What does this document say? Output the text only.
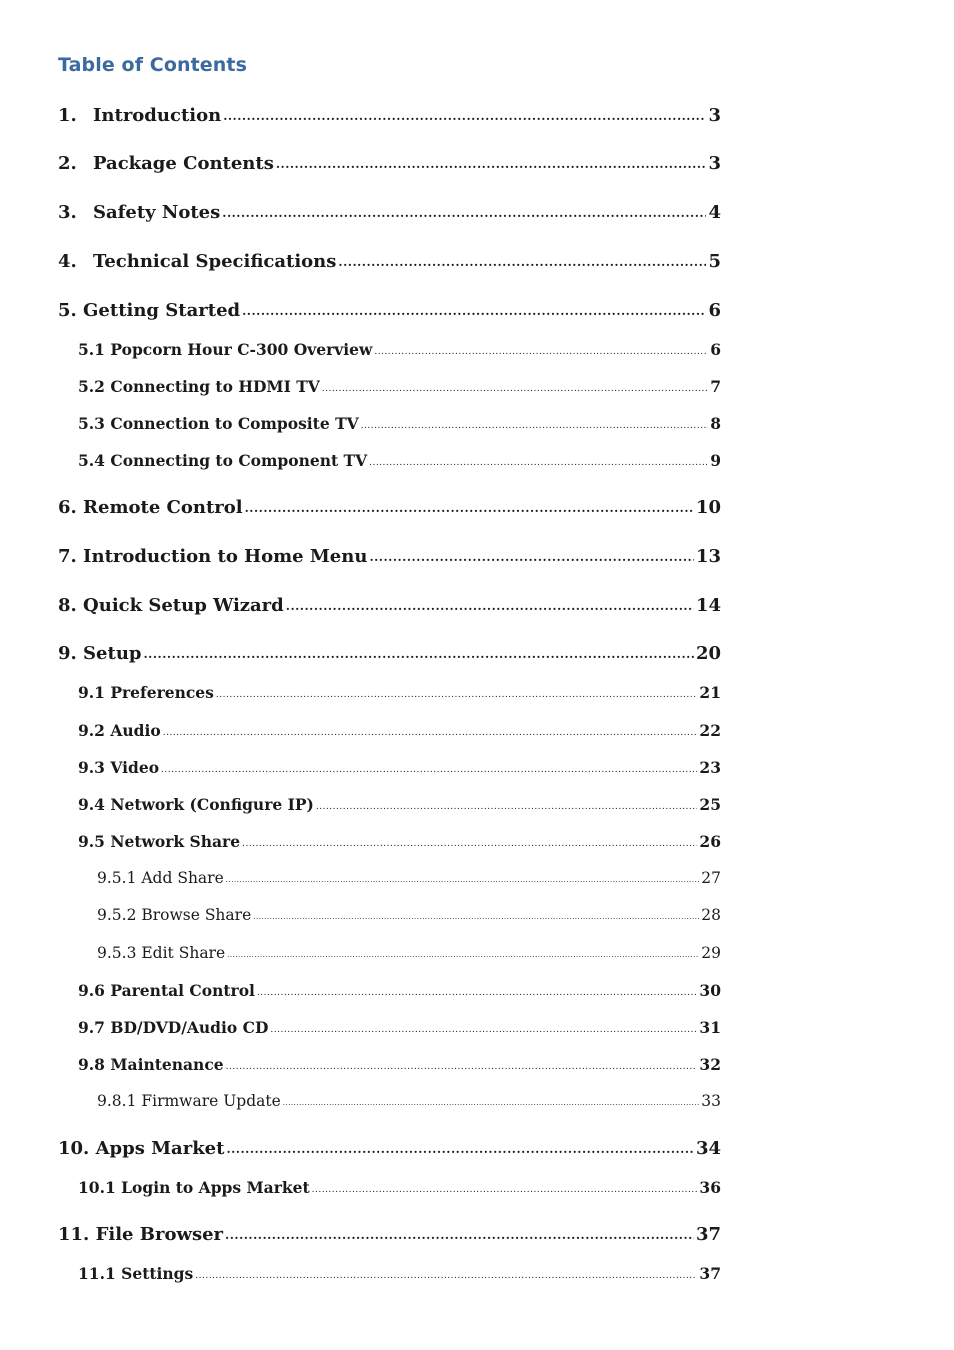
Table of Contents
1. Introduction .....	3
2. Package Contents .....	3
3. Safety Notes .....	4
4. Technical Specifications .....	5
5. Getting Started .....	6
5.1 Popcorn Hour C-300 Overview .....	6
5.2 Connecting to HDMI TV .....	7
5.3 Connection to Composite TV .....	8
5.4 Connecting to Component TV .....	9
6. Remote Control .....	10
7. Introduction to Home Menu .....	13
8. Quick Setup Wizard .....	14
9. Setup .....	20
9.1 Preferences .....	21
9.2 Audio .....	22
9.3 Video .....	23
9.4 Network (Configure IP) .....	25
9.5 Network Share .....	26
9.5.1 Add Share .....	27
9.5.2 Browse Share .....	28
9.5.3 Edit Share .....	29
9.6 Parental Control .....	30
9.7 BD/DVD/Audio CD .....	31
9.8 Maintenance .....	32
9.8.1 Firmware Update .....	33
10. Apps Market .....	34
10.1 Login to Apps Market .....	36
11. File Browser .....	37
11.1 Settings .....	37
